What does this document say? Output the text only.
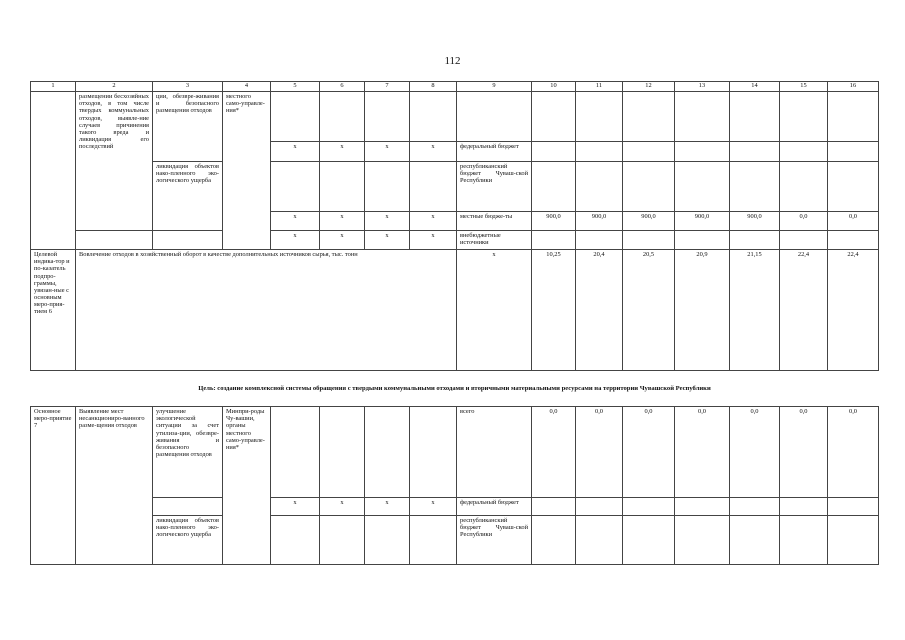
112
1	2	3	4	5	6	7	8	9	10	11	12	13	14	15	16
	размещении бесхозяйных отходов, в том числе твердых коммунальных отходов, выявле-ние случаев причинения такого вреда и ликвидация его последствий	ции, обезвре-живания и безопасного размещения отходов	местного само-управле-ния*												
				x	x	x	x	федеральный бюджет							
		ликвидация объектов нако-пленного эко-логического ущерба						республиканский бюджет Чуваш-ской Республики							
				x	x	x	x	местные бюдже-ты	900,0	900,0	900,0	900,0	900,0	0,0	0,0

				x	x	x	x	внебюджетные источники							

Целевой индика-тор и по-казатель подпро-граммы, увязан-ные с основным меро-прия-тием 6	Вовлечение отходов в хозяйственный оборот в качестве дополнительных источников сырья, тыс. тонн							x	10,25	20,4	20,5	20,9	21,15	22,4	22,4
Цель: создание комплексной системы обращения с твердыми коммунальными отходами и вторичными материальными ресурсами на территории Чувашской Республики															
Основное меро-приятие 7	Выявление мест несанкциониро-ванного разме-щения отходов	улучшение экологической ситуации за счет утилиза-ции, обезвре-живания и безопасного размещения отходов	Минпри-роды Чу-вашии, органы местного само-управле-ния*					всего	0,0	0,0	0,0	0,0	0,0	0,0	0,0
				x	x	x	x	федеральный бюджет							
		ликвидация объектов нако-пленного эко-логического ущерба						республиканский бюджет Чуваш-ской Республики							
